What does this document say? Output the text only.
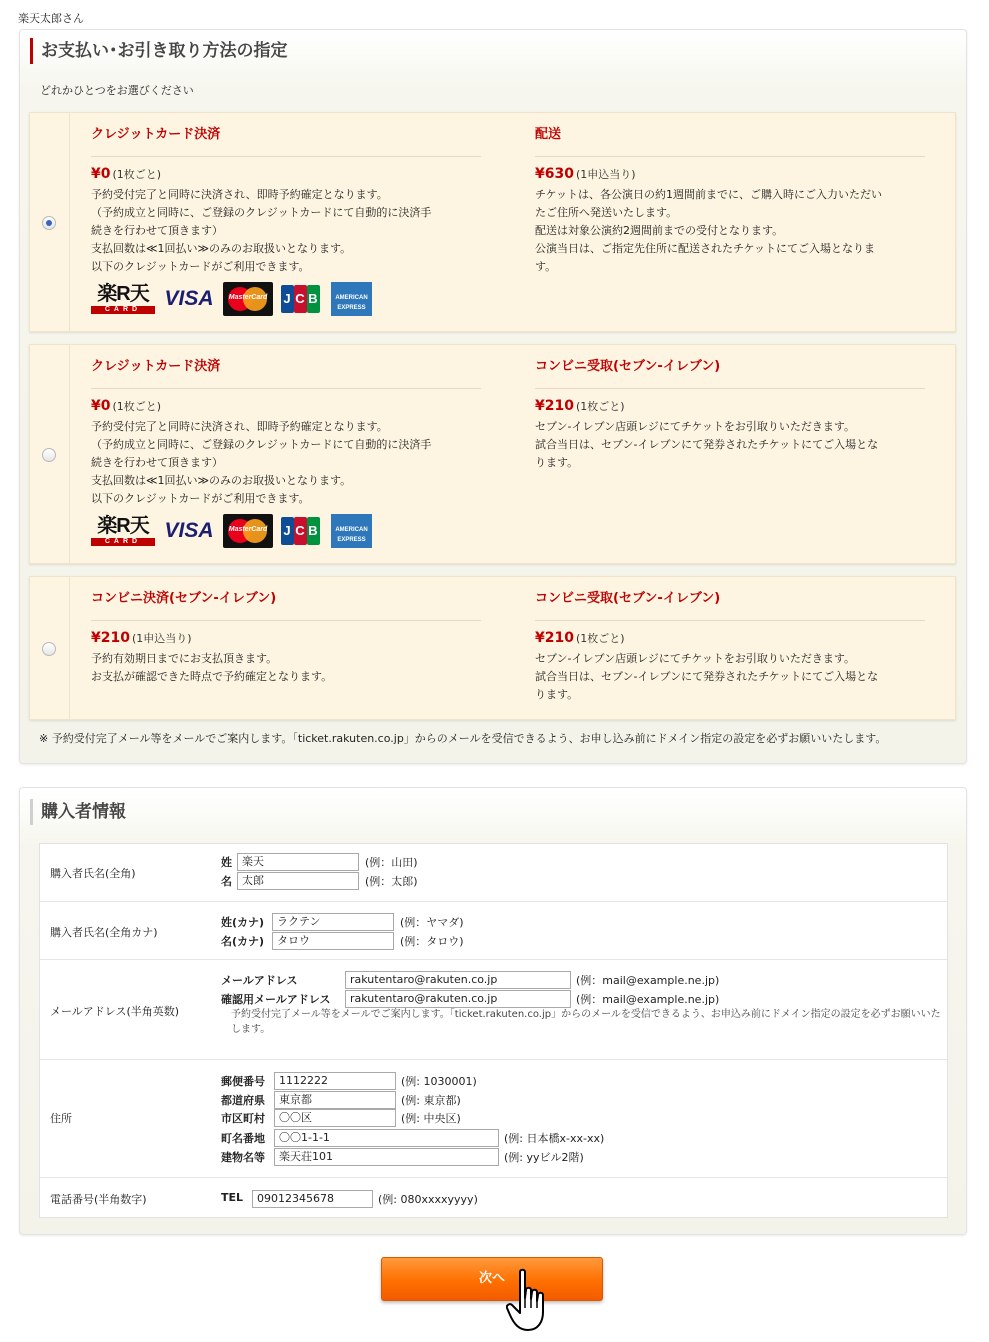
楽天太郎さん
お支払い･お引き取り方法の指定
どれかひとつをお選びください
クレジットカード決済
¥0 (1枚ごと)
予約受付完了と同時に決済され、即時予約確定となります。
（予約成立と同時に、ご登録のクレジットカードにて自動的に決済手
続きを行わせて頂きます）
支払回数は≪1回払い≫のみのお取扱いとなります。
以下のクレジットカードがご利用できます。
楽R天
CARD	VISA	MasterCard	J C B	AMERICAN
EXPRESS
配送
¥630 (1申込当り)
チケットは、各公演日の約1週間前までに、ご購入時にご入力いただい
たご住所へ発送いたします。
配送は対象公演約2週間前までの受付となります。
公演当日は、ご指定先住所に配送されたチケットにてご入場となりま
す。
クレジットカード決済
¥0 (1枚ごと)
予約受付完了と同時に決済され、即時予約確定となります。
（予約成立と同時に、ご登録のクレジットカードにて自動的に決済手
続きを行わせて頂きます）
支払回数は≪1回払い≫のみのお取扱いとなります。
以下のクレジットカードがご利用できます。
楽R天
CARD	VISA	MasterCard	J C B	AMERICAN
EXPRESS
コンビニ受取(セブン-イレブン)
¥210 (1枚ごと)
セブン-イレブン店頭レジにてチケットをお引取りいただきます。
試合当日は、セブン-イレブンにて発券されたチケットにてご入場とな
ります。
コンビニ決済(セブン-イレブン)
¥210 (1申込当り)
予約有効期日までにお支払頂きます。
お支払が確認できた時点で予約確定となります。
コンビニ受取(セブン-イレブン)
¥210 (1枚ごと)
セブン-イレブン店頭レジにてチケットをお引取りいただきます。
試合当日は、セブン-イレブンにて発券されたチケットにてご入場とな
ります。
※ 予約受付完了メール等をメールでご案内します。「ticket.rakuten.co.jp」からのメールを受信できるよう、お申し込み前にドメイン指定の設定を必ずお願いいたします。
購入者情報
購入者氏名(全角)
姓 楽天	(例：山田)
名 太郎	(例：太郎)
購入者氏名(全角カナ)
姓(カナ)	ラクテン	(例：ヤマダ)
名(カナ)	タロウ	(例：タロウ)
メールアドレス(半角英数)
メールアドレス	rakutentaro@rakuten.co.jp	(例：mail@example.ne.jp)
確認用メールアドレス	rakutentaro@rakuten.co.jp	(例：mail@example.ne.jp)
予約受付完了メール等をメールでご案内します。「ticket.rakuten.co.jp」からのメールを受信できるよう、お申込み前にドメイン指定の設定を必ずお願いいたします。
住所
郵便番号	1112222	(例: 1030001)
都道府県	東京都	(例: 東京都)
市区町村	〇〇区	(例: 中央区)
町名番地	〇〇1-1-1	(例: 日本橋x-xx-xx)
建物名等	楽天荘101	(例: yyビル2階)
電話番号(半角数字)	TEL	09012345678	(例: 080xxxxyyyy)
次へ
